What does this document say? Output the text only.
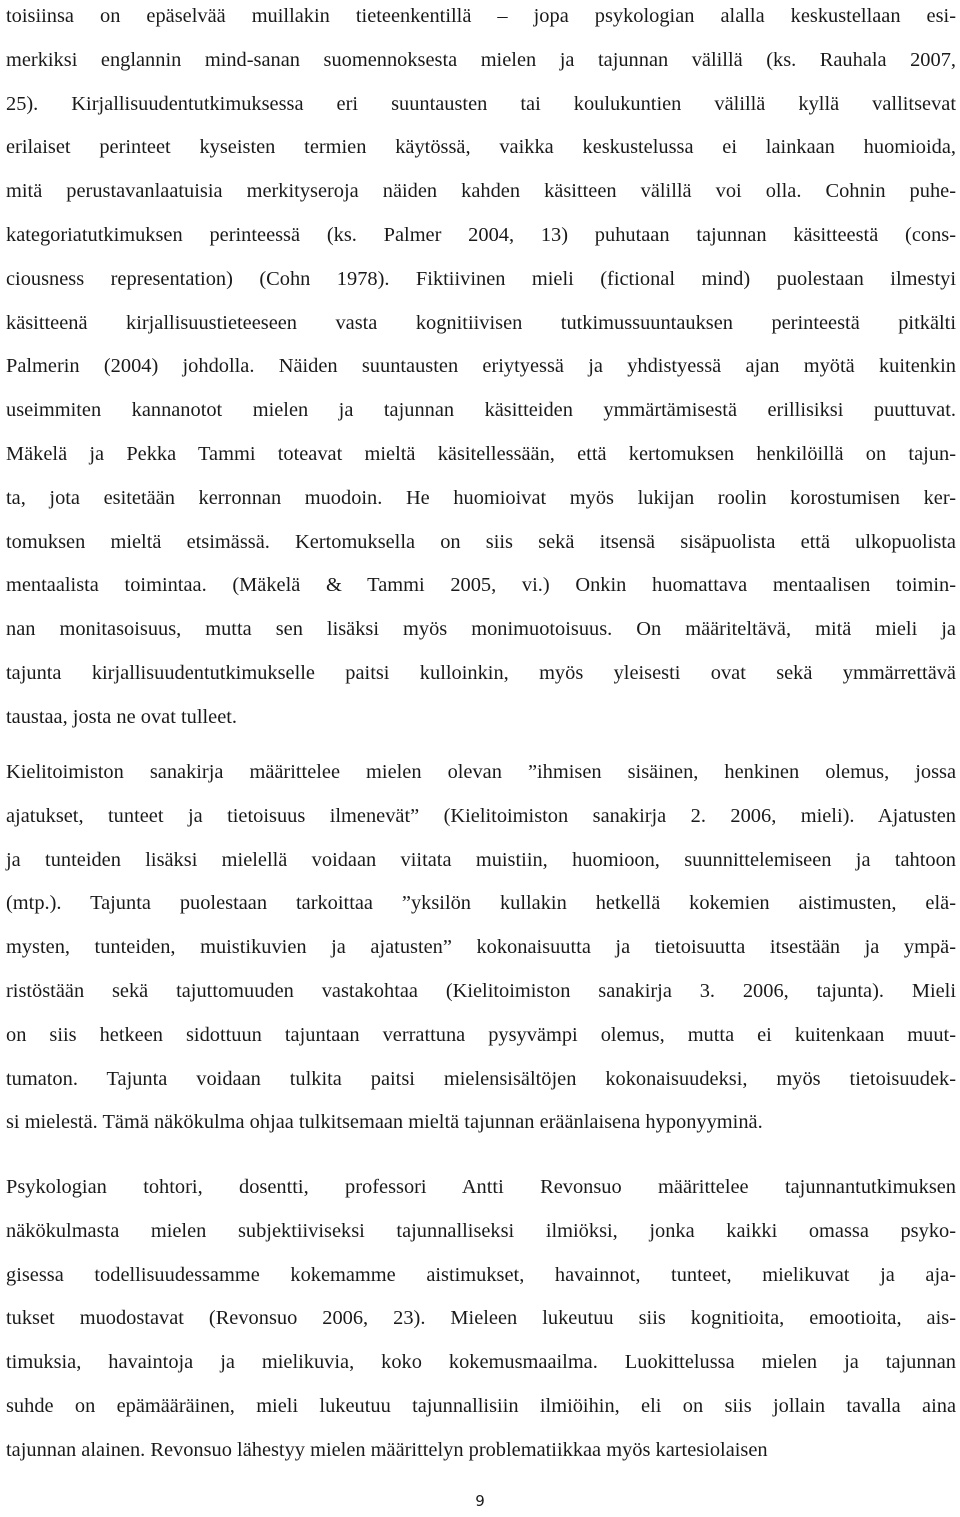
toisiinsa on epäselvää muillakin tieteenkentillä – jopa psykologian alalla keskustellaan esi-
merkiksi englannin mind-sanan suomennoksesta mielen ja tajunnan välillä (ks. Rauhala 2007,
25). Kirjallisuudentutkimuksessa eri suuntausten tai koulukuntien välillä kyllä vallitsevat
erilaiset perinteet kyseisten termien käytössä, vaikka keskustelussa ei lainkaan huomioida,
mitä perustavanlaatuisia merkityseroja näiden kahden käsitteen välillä voi olla. Cohnin puhe-
kategoriatutkimuksen perinteessä (ks. Palmer 2004, 13) puhutaan tajunnan käsitteestä (cons-
ciousness representation) (Cohn 1978). Fiktiivinen mieli (fictional mind) puolestaan ilmestyi
käsitteenä kirjallisuustieteeseen vasta kognitiivisen tutkimussuuntauksen perinteestä pitkälti
Palmerin (2004) johdolla. Näiden suuntausten eriytyessä ja yhdistyessä ajan myötä kuitenkin
useimmiten kannanotot mielen ja tajunnan käsitteiden ymmärtämisestä erillisiksi puuttuvat.
Mäkelä ja Pekka Tammi toteavat mieltä käsitellessään, että kertomuksen henkilöillä on tajun-
ta, jota esitetään kerronnan muodoin. He huomioivat myös lukijan roolin korostumisen ker-
tomuksen mieltä etsimässä. Kertomuksella on siis sekä itsensä sisäpuolista että ulkopuolista
mentaalista toimintaa. (Mäkelä & Tammi 2005, vi.) Onkin huomattava mentaalisen toimin-
nan monitasoisuus, mutta sen lisäksi myös monimuotoisuus. On määriteltävä, mitä mieli ja
tajunta kirjallisuudentutkimukselle paitsi kulloinkin, myös yleisesti ovat sekä ymmärrettävä
taustaa, josta ne ovat tulleet.
Kielitoimiston sanakirja määrittelee mielen olevan ”ihmisen sisäinen, henkinen olemus, jossa
ajatukset, tunteet ja tietoisuus ilmenevät” (Kielitoimiston sanakirja 2. 2006, mieli). Ajatusten
ja tunteiden lisäksi mielellä voidaan viitata muistiin, huomioon, suunnittelemiseen ja tahtoon
(mtp.). Tajunta puolestaan tarkoittaa ”yksilön kullakin hetkellä kokemien aistimusten, elä-
mysten, tunteiden, muistikuvien ja ajatusten” kokonaisuutta ja tietoisuutta itsestään ja ympä-
ristöstään sekä tajuttomuuden vastakohtaa (Kielitoimiston sanakirja 3. 2006, tajunta). Mieli
on siis hetkeen sidottuun tajuntaan verrattuna pysyvämpi olemus, mutta ei kuitenkaan muut-
tumaton. Tajunta voidaan tulkita paitsi mielensisältöjen kokonaisuudeksi, myös tietoisuudek-
si mielestä. Tämä näkökulma ohjaa tulkitsemaan mieltä tajunnan eräänlaisena hyponyyminä.
Psykologian tohtori, dosentti, professori Antti Revonsuo määrittelee tajunnantutkimuksen
näkökulmasta mielen subjektiiviseksi tajunnalliseksi ilmiöksi, jonka kaikki omassa psyko-
gisessa todellisuudessamme kokemamme aistimukset, havainnot, tunteet, mielikuvat ja aja-
tukset muodostavat (Revonsuo 2006, 23). Mieleen lukeutuu siis kognitioita, emootioita, ais-
timuksia, havaintoja ja mielikuvia, koko kokemusmaailma. Luokittelussa mielen ja tajunnan
suhde on epämääräinen, mieli lukeutuu tajunnallisiin ilmiöihin, eli on siis jollain tavalla aina
tajunnan alainen. Revonsuo lähestyy mielen määrittelyn problematiikkaa myös kartesiolaisen
9
